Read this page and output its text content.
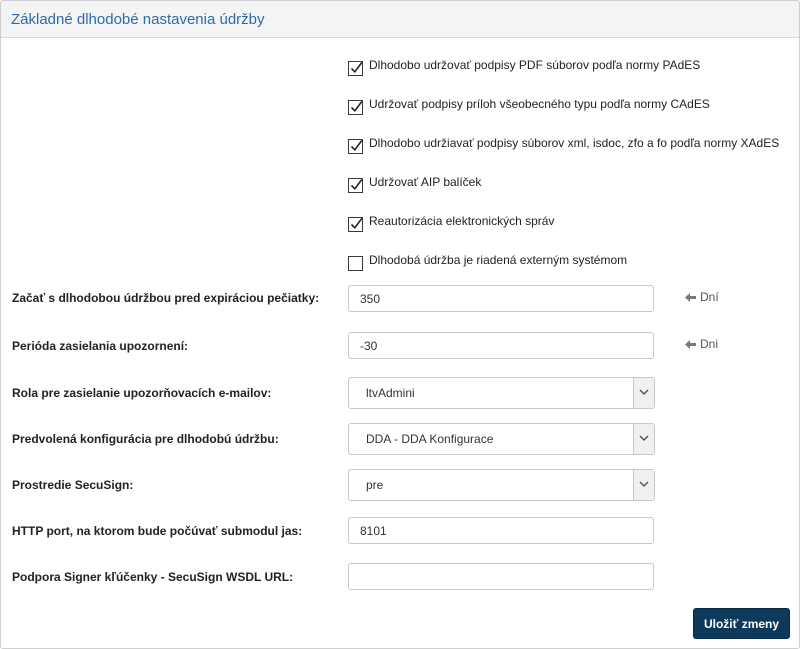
Základné dlhodobé nastavenia údržby
Dlhodobo udržovať podpisy PDF súborov podľa normy PAdES
Udržovať podpisy príloh všeobecného typu podľa normy CAdES
Dlhodobo udržiavať podpisy súborov xml, isdoc, zfo a fo podľa normy XAdES
Udržovať AIP balíček
Reautorizácia elektronických správ
Dlhodobá údržba je riadená externým systémom
Začať s dlhodobou údržbou pred expiráciou pečiatky:
350	Dní
Perióda zasielania upozornení:
-30	Dni
Rola pre zasielanie upozorňovacích e-mailov:	ltvAdmini
Predvolená konfigurácia pre dlhodobú údržbu:	DDA - DDA Konfigurace
Prostredie SecuSign:	pre
HTTP port, na ktorom bude počúvať submodul jas:
8101
Podpora Signer kľúčenky - SecuSign WSDL URL:
Uložiť zmeny
